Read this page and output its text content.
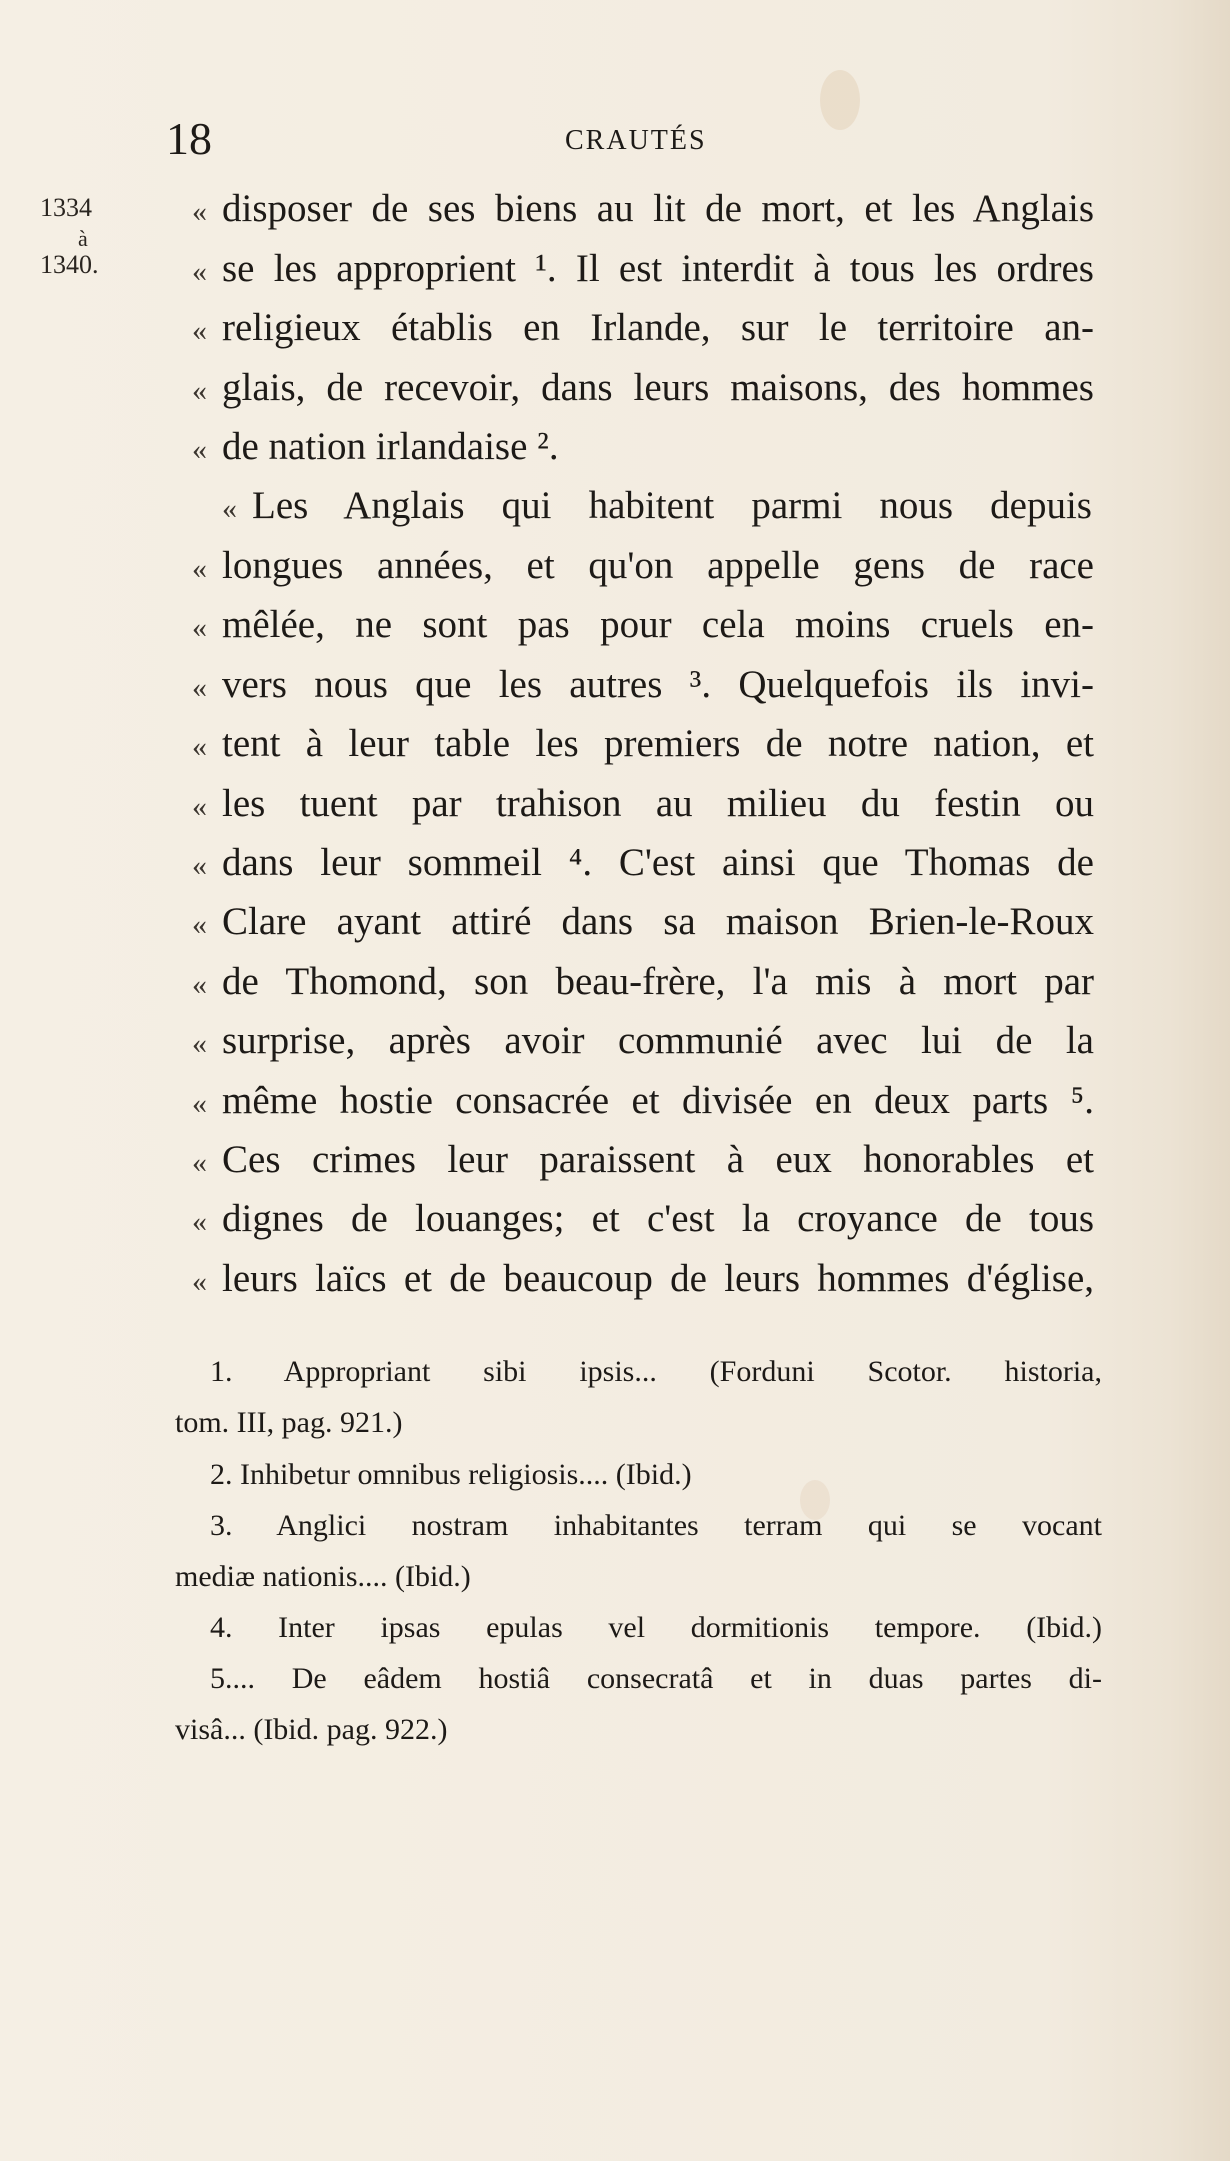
18	CRAUTÉS
1334
à
1340.
« disposer de ses biens au lit de mort, et les Anglais
« se les approprient ¹. Il est interdit à tous les ordres
« religieux établis en Irlande, sur le territoire an-
« glais, de recevoir, dans leurs maisons, des hommes
« de nation irlandaise ².
« Les Anglais qui habitent parmi nous depuis
« longues années, et qu'on appelle gens de race
« mêlée, ne sont pas pour cela moins cruels en-
« vers nous que les autres ³. Quelquefois ils invi-
« tent à leur table les premiers de notre nation, et
« les tuent par trahison au milieu du festin ou
« dans leur sommeil ⁴. C'est ainsi que Thomas de
« Clare ayant attiré dans sa maison Brien-le-Roux
« de Thomond, son beau-frère, l'a mis à mort par
« surprise, après avoir communié avec lui de la
« même hostie consacrée et divisée en deux parts ⁵.
« Ces crimes leur paraissent à eux honorables et
« dignes de louanges; et c'est la croyance de tous
« leurs laïcs et de beaucoup de leurs hommes d'église,
1. Appropriant sibi ipsis... (Forduni Scotor. historia,
tom. III, pag. 921.)
2. Inhibetur omnibus religiosis.... (Ibid.)
3. Anglici nostram inhabitantes terram qui se vocant
mediæ nationis.... (Ibid.)
4. Inter ipsas epulas vel dormitionis tempore. (Ibid.)
5.... De eâdem hostiâ consecratâ et in duas partes di-
visâ... (Ibid. pag. 922.)
